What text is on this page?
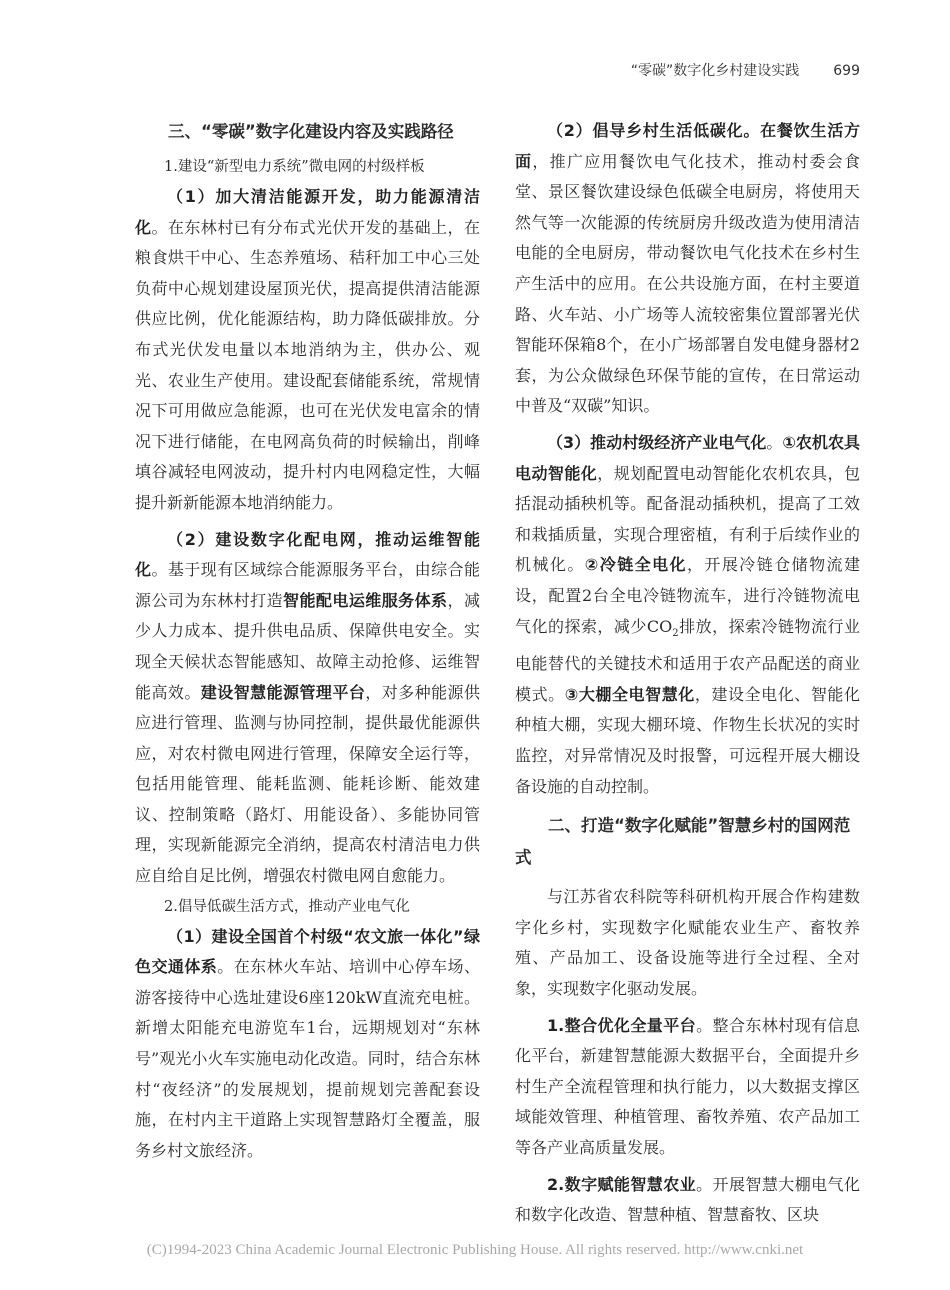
“零碳”数字化乡村建设实践 699
三、“零碳”数字化建设内容及实践路径

1.建设“新型电力系统”微电网的村级样板

（1）加大清洁能源开发，助力能源清洁化。在东林村已有分布式光伏开发的基础上，在粮食烘干中心、生态养殖场、秸秆加工中心三处负荷中心规划建设屋顶光伏，提高提供清洁能源供应比例，优化能源结构，助力降低碳排放。分布式光伏发电量以本地消纳为主，供办公、观光、农业生产使用。建设配套储能系统，常规情况下可用做应急能源，也可在光伏发电富余的情况下进行储能，在电网高负荷的时候输出，削峰填谷减轻电网波动，提升村内电网稳定性，大幅提升新新能源本地消纳能力。

（2）建设数字化配电网，推动运维智能化。基于现有区域综合能源服务平台，由综合能源公司为东林村打造智能配电运维服务体系，减少人力成本、提升供电品质、保障供电安全。实现全天候状态智能感知、故障主动抢修、运维智能高效。建设智慧能源管理平台，对多种能源供应进行管理、监测与协同控制，提供最优能源供应，对农村微电网进行管理，保障安全运行等，包括用能管理、能耗监测、能耗诊断、能效建议、控制策略（路灯、用能设备）、多能协同管理，实现新能源完全消纳，提高农村清洁电力供应自给自足比例，增强农村微电网自愈能力。

2.倡导低碳生活方式，推动产业电气化

（1）建设全国首个村级“农文旅一体化”绿色交通体系。在东林火车站、培训中心停车场、游客接待中心选址建设6座120kW直流充电桩。新增太阳能充电游览车1台，远期规划对“东林号”观光小火车实施电动化改造。同时，结合东林村“夜经济”的发展规划，提前规划完善配套设施，在村内主干道路上实现智慧路灯全覆盖，服务乡村文旅经济。

（2）倡导乡村生活低碳化。在餐饮生活方面，推广应用餐饮电气化技术，推动村委会食堂、景区餐饮建设绿色低碳全电厨房，将使用天然气等一次能源的传统厨房升级改造为使用清洁电能的全电厨房，带动餐饮电气化技术在乡村生产生活中的应用。在公共设施方面，在村主要道路、火车站、小广场等人流较密集位置部署光伏智能环保箱8个，在小广场部署自发电健身器材2套，为公众做绿色环保节能的宣传，在日常运动中普及“双碳”知识。

（3）推动村级经济产业电气化。①农机农具电动智能化，规划配置电动智能化农机农具，包括混动插秧机等。配备混动插秧机，提高了工效和栽插质量，实现合理密植，有利于后续作业的机械化。②冷链全电化，开展冷链仓储物流建设，配置2台全电冷链物流车，进行冷链物流电气化的探索，减少$CO_2$排放，探索冷链物流行业电能替代的关键技术和适用于农产品配送的商业模式。③大棚全电智慧化，建设全电化、智能化种植大棚，实现大棚环境、作物生长状况的实时监控，对异常情况及时报警，可远程开展大棚设备设施的自动控制。

二、打造“数字化赋能”智慧乡村的国网范式

与江苏省农科院等科研机构开展合作构建数字化乡村，实现数字化赋能农业生产、畜牧养殖、产品加工、设备设施等进行全过程、全对象，实现数字化驱动发展。

1.整合优化全量平台。整合东林村现有信息化平台，新建智慧能源大数据平台，全面提升乡村生产全流程管理和执行能力，以大数据支撑区域能效管理、种植管理、畜牧养殖、农产品加工等各产业高质量发展。

2.数字赋能智慧农业。开展智慧大棚电气化和数字化改造、智慧种植、智慧畜牧、区块

(C)1994-2023 China Academic Journal Electronic Publishing House. All rights reserved. http://www.cnki.net
